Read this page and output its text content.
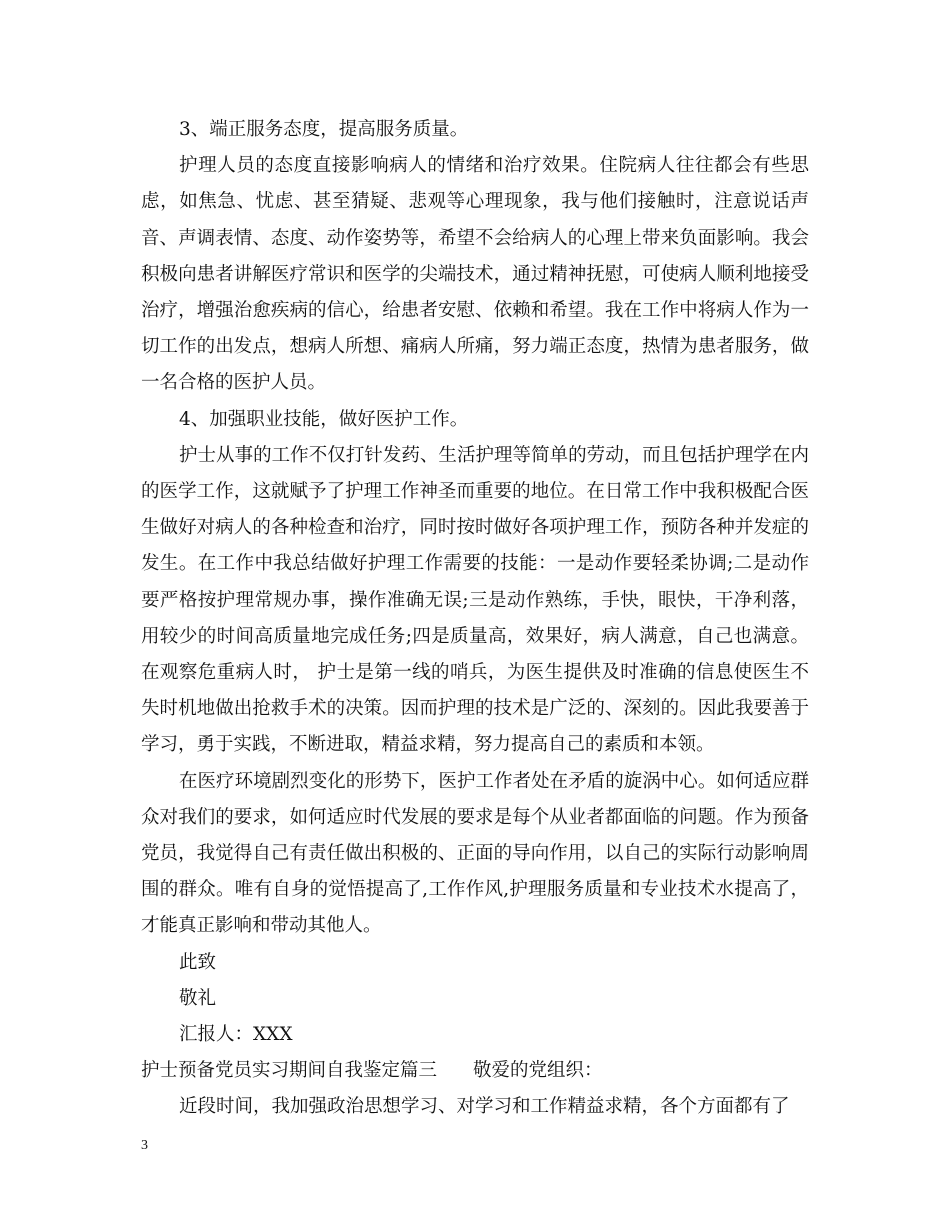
3、端正服务态度，提高服务质量。

护理人员的态度直接影响病人的情绪和治疗效果。住院病人往往都会有些思虑，如焦急、忧虑、甚至猜疑、悲观等心理现象，我与他们接触时，注意说话声音、声调表情、态度、动作姿势等，希望不会给病人的心理上带来负面影响。我会积极向患者讲解医疗常识和医学的尖端技术，通过精神抚慰，可使病人顺利地接受治疗，增强治愈疾病的信心，给患者安慰、依赖和希望。我在工作中将病人作为一切工作的出发点，想病人所想、痛病人所痛，努力端正态度，热情为患者服务，做一名合格的医护人员。

4、加强职业技能，做好医护工作。

护士从事的工作不仅打针发药、生活护理等简单的劳动，而且包括护理学在内的医学工作，这就赋予了护理工作神圣而重要的地位。在日常工作中我积极配合医生做好对病人的各种检查和治疗，同时按时做好各项护理工作，预防各种并发症的发生。在工作中我总结做好护理工作需要的技能：一是动作要轻柔协调;二是动作要严格按护理常规办事，操作准确无误;三是动作熟练，手快，眼快，干净利落，用较少的时间高质量地完成任务;四是质量高，效果好，病人满意，自己也满意。在观察危重病人时， 护士是第一线的哨兵，为医生提供及时准确的信息使医生不失时机地做出抢救手术的决策。因而护理的技术是广泛的、深刻的。因此我要善于学习，勇于实践，不断进取，精益求精，努力提高自己的素质和本领。

在医疗环境剧烈变化的形势下，医护工作者处在矛盾的旋涡中心。如何适应群众对我们的要求，如何适应时代发展的要求是每个从业者都面临的问题。作为预备党员，我觉得自己有责任做出积极的、正面的导向作用，以自己的实际行动影响周围的群众。唯有自身的觉悟提高了,工作作风,护理服务质量和专业技术水提高了，才能真正影响和带动其他人。

此致

敬礼

汇报人：XXX

护士预备党员实习期间自我鉴定篇三 敬爱的党组织：

近段时间，我加强政治思想学习、对学习和工作精益求精，各个方面都有了

3
